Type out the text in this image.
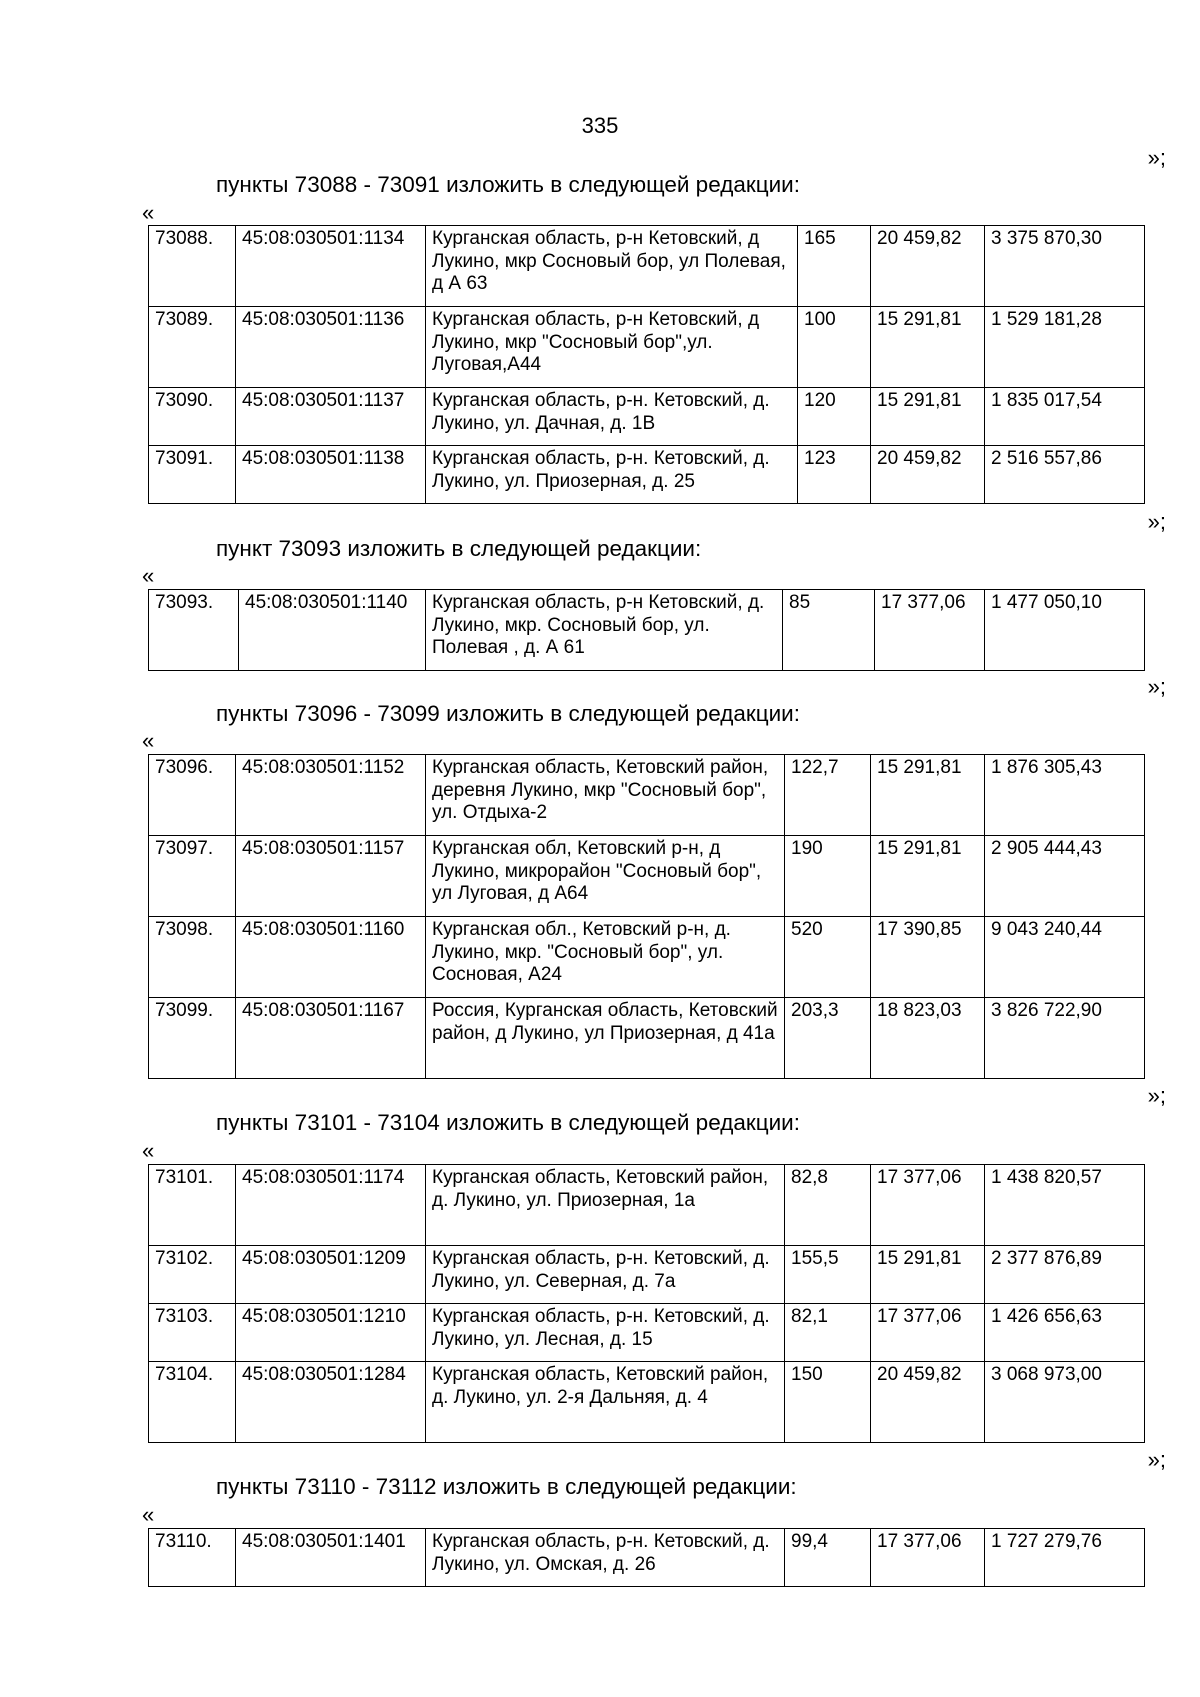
335
»;
пункты 73088 - 73091 изложить в следующей редакции:
«
73088.	45:08:030501:1134	Курганская область, р-н Кетовский, д Лукино, мкр Сосновый бор, ул Полевая, д А 63	165	20 459,82	3 375 870,30
73089.	45:08:030501:1136	Курганская область, р-н Кетовский, д Лукино, мкр "Сосновый бор",ул. Луговая,А44	100	15 291,81	1 529 181,28
73090.	45:08:030501:1137	Курганская область, р-н. Кетовский, д. Лукино, ул. Дачная, д. 1В	120	15 291,81	1 835 017,54
73091.	45:08:030501:1138	Курганская область, р-н. Кетовский, д. Лукино, ул. Приозерная, д. 25	123	20 459,82	2 516 557,86
»;
пункт 73093 изложить в следующей редакции:
«
73093.	45:08:030501:1140	Курганская область, р-н Кетовский, д. Лукино, мкр. Сосновый бор, ул. Полевая , д. А 61	85	17 377,06	1 477 050,10
»;
пункты 73096 - 73099 изложить в следующей редакции:
«
73096.	45:08:030501:1152	Курганская область, Кетовский район, деревня Лукино, мкр "Сосновый бор", ул. Отдыха-2	122,7	15 291,81	1 876 305,43
73097.	45:08:030501:1157	Курганская обл, Кетовский р-н, д Лукино, микрорайон "Сосновый бор", ул Луговая, д А64	190	15 291,81	2 905 444,43
73098.	45:08:030501:1160	Курганская обл., Кетовский р-н, д. Лукино, мкр. "Сосновый бор", ул. Сосновая, А24	520	17 390,85	9 043 240,44
73099.	45:08:030501:1167	Россия, Курганская область, Кетовский район, д Лукино, ул Приозерная, д 41а	203,3	18 823,03	3 826 722,90
»;
пункты 73101 - 73104 изложить в следующей редакции:
«
73101.	45:08:030501:1174	Курганская область, Кетовский район, д. Лукино, ул. Приозерная, 1а	82,8	17 377,06	1 438 820,57
73102.	45:08:030501:1209	Курганская область, р-н. Кетовский, д. Лукино, ул. Северная, д. 7а	155,5	15 291,81	2 377 876,89
73103.	45:08:030501:1210	Курганская область, р-н. Кетовский, д. Лукино, ул. Лесная, д. 15	82,1	17 377,06	1 426 656,63
73104.	45:08:030501:1284	Курганская область, Кетовский район, д. Лукино, ул. 2-я Дальняя, д. 4	150	20 459,82	3 068 973,00
»;
пункты 73110 - 73112 изложить в следующей редакции:
«
73110.	45:08:030501:1401	Курганская область, р-н. Кетовский, д. Лукино, ул. Омская, д. 26	99,4	17 377,06	1 727 279,76
